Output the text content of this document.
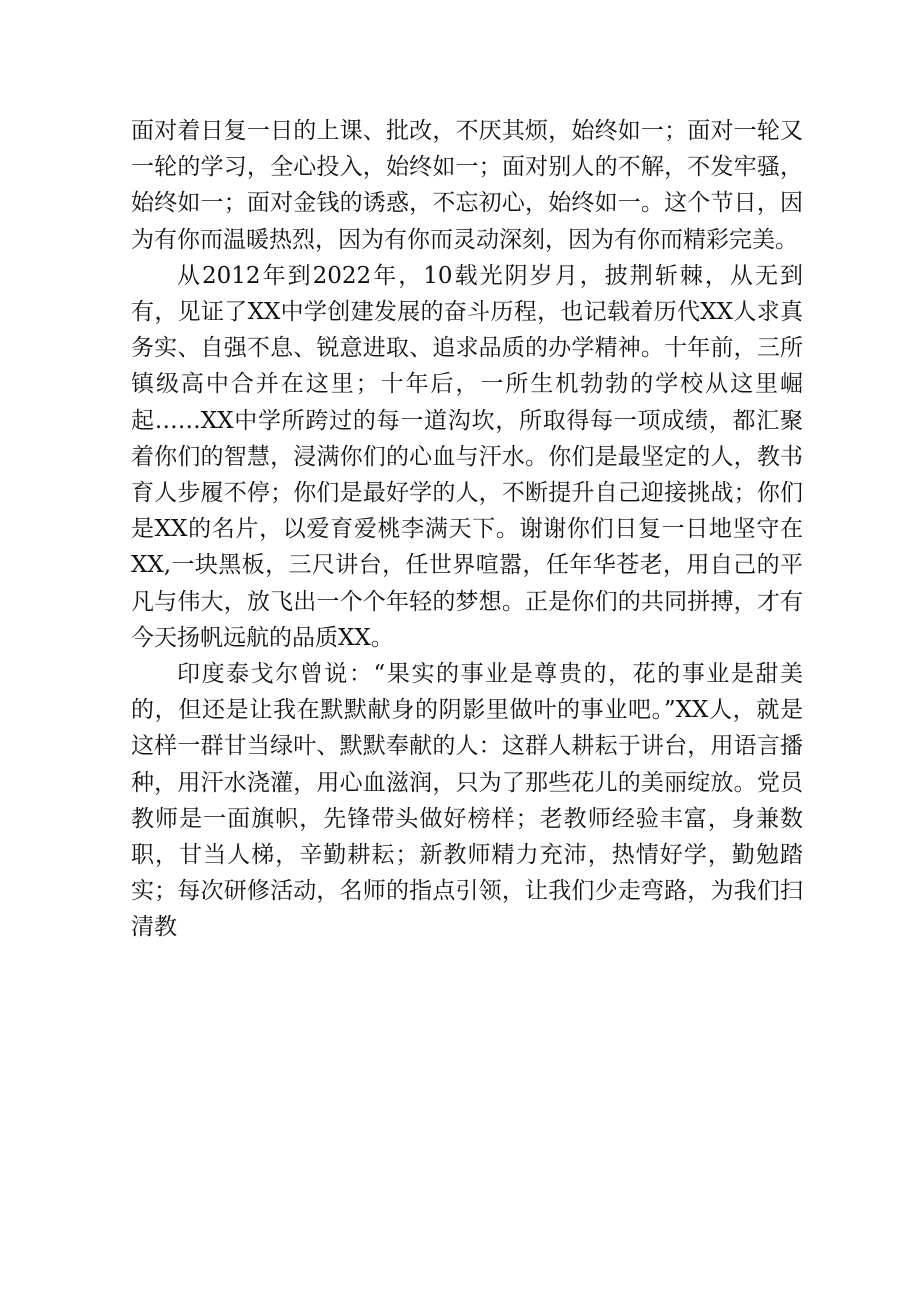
面对着日复一日的上课、批改，不厌其烦，始终如一；面对一轮又一轮的学习，全心投入，始终如一；面对别人的不解，不发牢骚，始终如一；面对金钱的诱惑，不忘初心，始终如一。这个节日，因为有你而温暖热烈，因为有你而灵动深刻，因为有你而精彩完美。

从2012年到2022年，10载光阴岁月，披荆斩棘，从无到有，见证了XX中学创建发展的奋斗历程，也记载着历代XX人求真务实、自强不息、锐意进取、追求品质的办学精神。十年前，三所镇级高中合并在这里；十年后，一所生机勃勃的学校从这里崛起……XX中学所跨过的每一道沟坎，所取得每一项成绩，都汇聚着你们的智慧，浸满你们的心血与汗水。你们是最坚定的人，教书育人步履不停；你们是最好学的人，不断提升自己迎接挑战；你们是XX的名片，以爱育爱桃李满天下。谢谢你们日复一日地坚守在XX,一块黑板，三尺讲台，任世界喧嚣，任年华苍老，用自己的平凡与伟大，放飞出一个个年轻的梦想。正是你们的共同拼搏，才有今天扬帆远航的品质XX。

印度泰戈尔曾说：“果实的事业是尊贵的，花的事业是甜美的，但还是让我在默默献身的阴影里做叶的事业吧。”XX人，就是这样一群甘当绿叶、默默奉献的人：这群人耕耘于讲台，用语言播种，用汗水浇灌，用心血滋润，只为了那些花儿的美丽绽放。党员教师是一面旗帜，先锋带头做好榜样；老教师经验丰富，身兼数职，甘当人梯，辛勤耕耘；新教师精力充沛，热情好学，勤勉踏实；每次研修活动，名师的指点引领，让我们少走弯路，为我们扫清教
